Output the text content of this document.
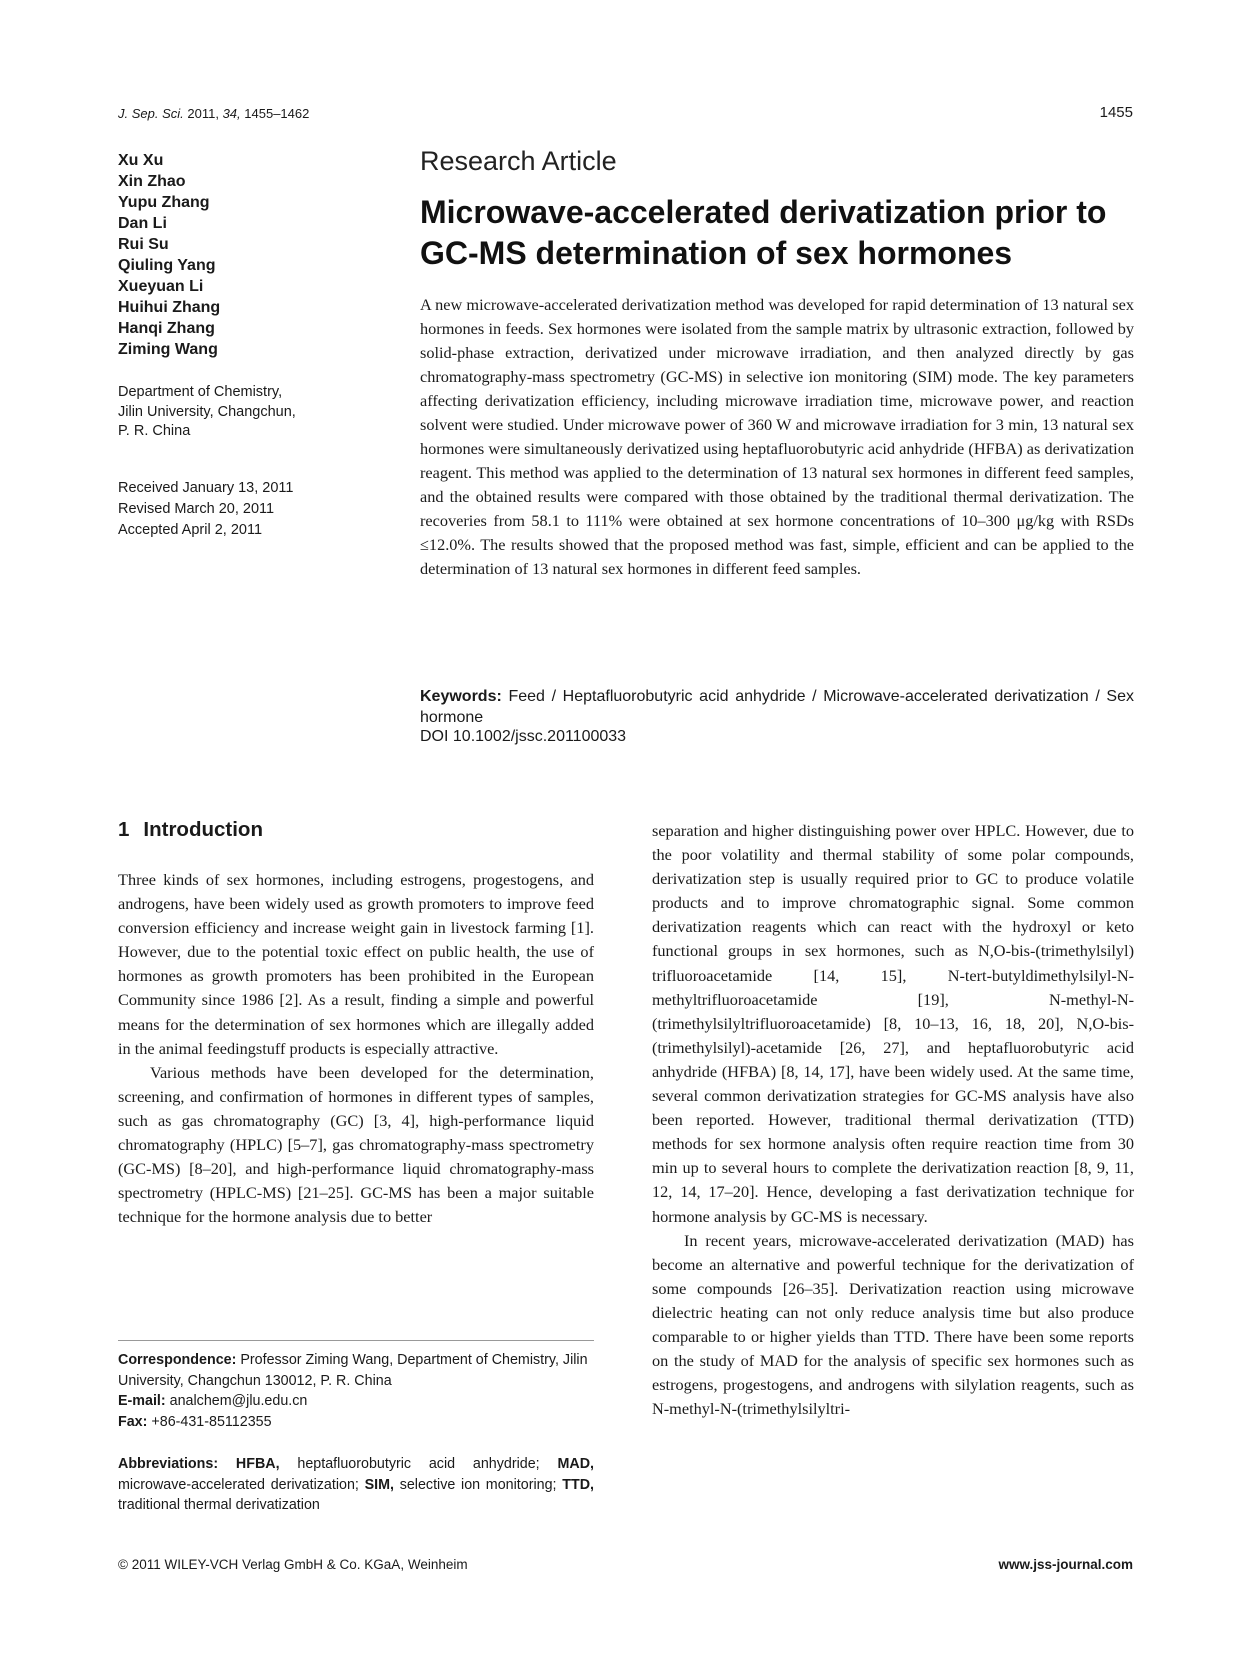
J. Sep. Sci. 2011, 34, 1455–1462	1455
Xu Xu
Xin Zhao
Yupu Zhang
Dan Li
Rui Su
Qiuling Yang
Xueyuan Li
Huihui Zhang
Hanqi Zhang
Ziming Wang
Department of Chemistry,
Jilin University, Changchun,
P. R. China
Received January 13, 2011
Revised March 20, 2011
Accepted April 2, 2011
Research Article
Microwave-accelerated derivatization prior to GC-MS determination of sex hormones
A new microwave-accelerated derivatization method was developed for rapid determination of 13 natural sex hormones in feeds. Sex hormones were isolated from the sample matrix by ultrasonic extraction, followed by solid-phase extraction, derivatized under microwave irradiation, and then analyzed directly by gas chromatography-mass spectrometry (GC-MS) in selective ion monitoring (SIM) mode. The key parameters affecting derivatization efficiency, including microwave irradiation time, microwave power, and reaction solvent were studied. Under microwave power of 360 W and microwave irradiation for 3 min, 13 natural sex hormones were simultaneously derivatized using heptafluorobutyric acid anhydride (HFBA) as derivatization reagent. This method was applied to the determination of 13 natural sex hormones in different feed samples, and the obtained results were compared with those obtained by the traditional thermal derivatization. The recoveries from 58.1 to 111% were obtained at sex hormone concentrations of 10–300 μg/kg with RSDs ≤12.0%. The results showed that the proposed method was fast, simple, efficient and can be applied to the determination of 13 natural sex hormones in different feed samples.
Keywords: Feed / Heptafluorobutyric acid anhydride / Microwave-accelerated derivatization / Sex hormone
DOI 10.1002/jssc.201100033
1 Introduction

Three kinds of sex hormones, including estrogens, progestogens, and androgens, have been widely used as growth promoters to improve feed conversion efficiency and increase weight gain in livestock farming [1]. However, due to the potential toxic effect on public health, the use of hormones as growth promoters has been prohibited in the European Community since 1986 [2]. As a result, finding a simple and powerful means for the determination of sex hormones which are illegally added in the animal feedingstuff products is especially attractive.

Various methods have been developed for the determination, screening, and confirmation of hormones in different types of samples, such as gas chromatography (GC) [3, 4], high-performance liquid chromatography (HPLC) [5–7], gas chromatography-mass spectrometry (GC-MS) [8–20], and high-performance liquid chromatography-mass spectrometry (HPLC-MS) [21–25]. GC-MS has been a major suitable technique for the hormone analysis due to better

separation and higher distinguishing power over HPLC. However, due to the poor volatility and thermal stability of some polar compounds, derivatization step is usually required prior to GC to produce volatile products and to improve chromatographic signal. Some common derivatization reagents which can react with the hydroxyl or keto functional groups in sex hormones, such as N,O-bis-(trimethylsilyl) trifluoroacetamide [14, 15], N-tert-butyldimethylsilyl-N-methyltrifluoroacetamide [19], N-methyl-N-(trimethylsilyltrifluoroacetamide) [8, 10–13, 16, 18, 20], N,O-bis-(trimethylsilyl)-acetamide [26, 27], and heptafluorobutyric acid anhydride (HFBA) [8, 14, 17], have been widely used. At the same time, several common derivatization strategies for GC-MS analysis have also been reported. However, traditional thermal derivatization (TTD) methods for sex hormone analysis often require reaction time from 30 min up to several hours to complete the derivatization reaction [8, 9, 11, 12, 14, 17–20]. Hence, developing a fast derivatization technique for hormone analysis by GC-MS is necessary.

In recent years, microwave-accelerated derivatization (MAD) has become an alternative and powerful technique for the derivatization of some compounds [26–35]. Derivatization reaction using microwave dielectric heating can not only reduce analysis time but also produce comparable to or higher yields than TTD. There have been some reports on the study of MAD for the analysis of specific sex hormones such as estrogens, progestogens, and androgens with silylation reagents, such as N-methyl-N-(trimethylsilyltri-

Correspondence: Professor Ziming Wang, Department of Chemistry, Jilin University, Changchun 130012, P. R. China
E-mail: analchem@jlu.edu.cn
Fax: +86-431-85112355
Abbreviations: HFBA, heptafluorobutyric acid anhydride; MAD, microwave-accelerated derivatization; SIM, selective ion monitoring; TTD, traditional thermal derivatization
© 2011 WILEY-VCH Verlag GmbH & Co. KGaA, Weinheim	www.jss-journal.com
